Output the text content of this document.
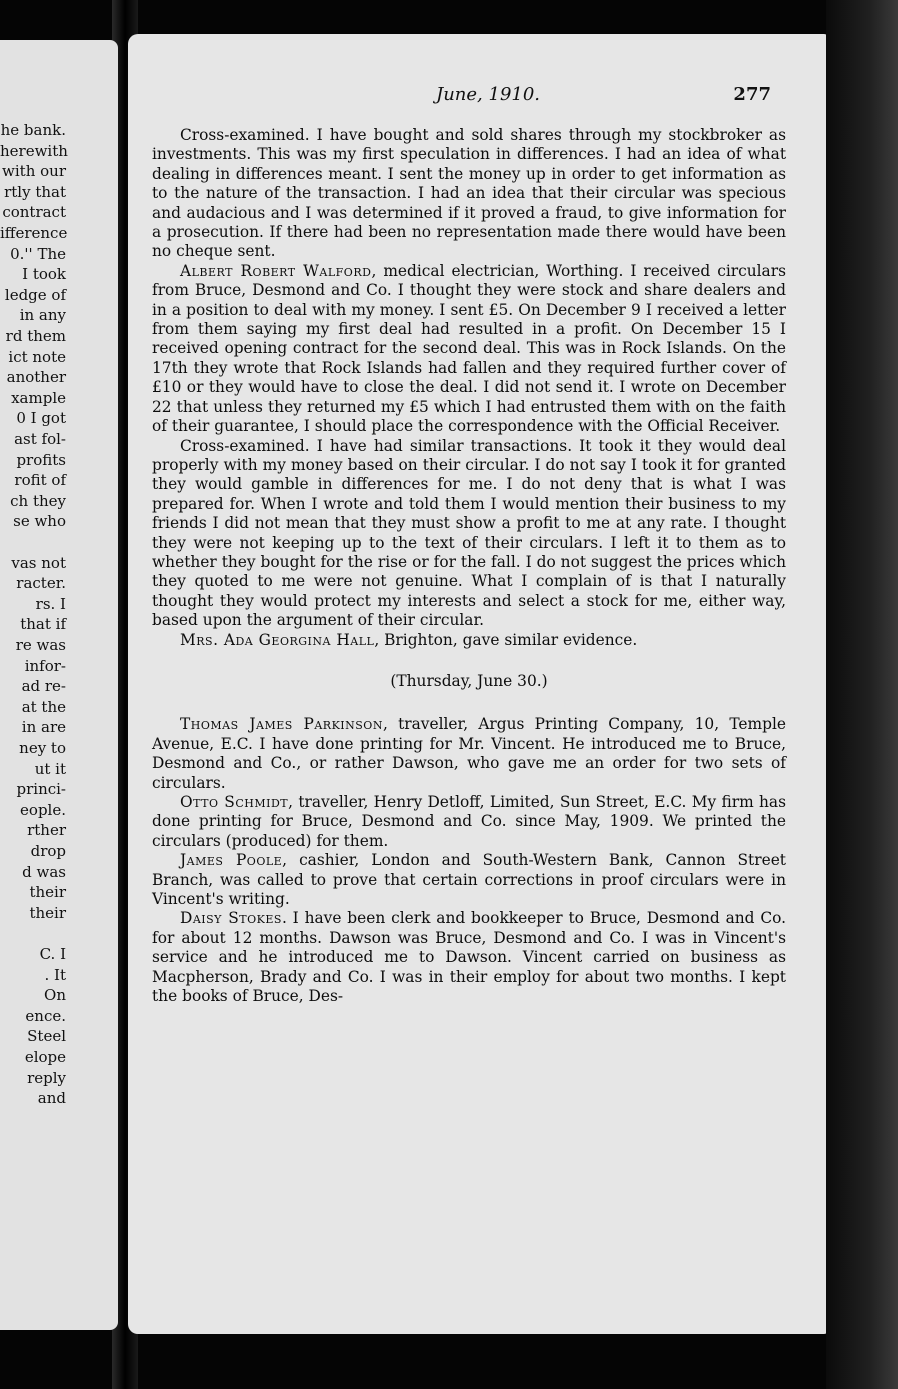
he bank.
herewith
with our
rtly that
contract
ifference
0.'' The
I took
ledge of
in any
rd them
ict note
another
xample
0 I got
ast fol-
profits
rofit of
ch they
se who
vas not
racter.
rs. I
that if
re was
infor-
ad re-
at the
in are
ney to
ut it
princi-
eople.
rther
drop
d was
their
their
C. I
. It
On
ence.
Steel
elope
reply
and
June, 1910.	277

Cross-examined. I have bought and sold shares through my stockbroker as investments. This was my first speculation in differences. I had an idea of what dealing in differences meant. I sent the money up in order to get information as to the nature of the transaction. I had an idea that their circular was specious and audacious and I was determined if it proved a fraud, to give information for a prosecution. If there had been no representation made there would have been no cheque sent.

Albert Robert Walford, medical electrician, Worthing. I received circulars from Bruce, Desmond and Co. I thought they were stock and share dealers and in a position to deal with my money. I sent £5. On December 9 I received a letter from them saying my first deal had resulted in a profit. On December 15 I received opening contract for the second deal. This was in Rock Islands. On the 17th they wrote that Rock Islands had fallen and they required further cover of £10 or they would have to close the deal. I did not send it. I wrote on December 22 that unless they returned my £5 which I had entrusted them with on the faith of their guarantee, I should place the correspondence with the Official Receiver.

Cross-examined. I have had similar transactions. It took it they would deal properly with my money based on their circular. I do not say I took it for granted they would gamble in differences for me. I do not deny that is what I was prepared for. When I wrote and told them I would mention their business to my friends I did not mean that they must show a profit to me at any rate. I thought they were not keeping up to the text of their circulars. I left it to them as to whether they bought for the rise or for the fall. I do not suggest the prices which they quoted to me were not genuine. What I complain of is that I naturally thought they would protect my interests and select a stock for me, either way, based upon the argument of their circular.

Mrs. Ada Georgina Hall, Brighton, gave similar evidence.

(Thursday, June 30.)

Thomas James Parkinson, traveller, Argus Printing Company, 10, Temple Avenue, E.C. I have done printing for Mr. Vincent. He introduced me to Bruce, Desmond and Co., or rather Dawson, who gave me an order for two sets of circulars.

Otto Schmidt, traveller, Henry Detloff, Limited, Sun Street, E.C. My firm has done printing for Bruce, Desmond and Co. since May, 1909. We printed the circulars (produced) for them.

James Poole, cashier, London and South-Western Bank, Cannon Street Branch, was called to prove that certain corrections in proof circulars were in Vincent's writing.

Daisy Stokes. I have been clerk and bookkeeper to Bruce, Desmond and Co. for about 12 months. Dawson was Bruce, Desmond and Co. I was in Vincent's service and he introduced me to Dawson. Vincent carried on business as Macpherson, Brady and Co. I was in their employ for about two months. I kept the books of Bruce, Des-
